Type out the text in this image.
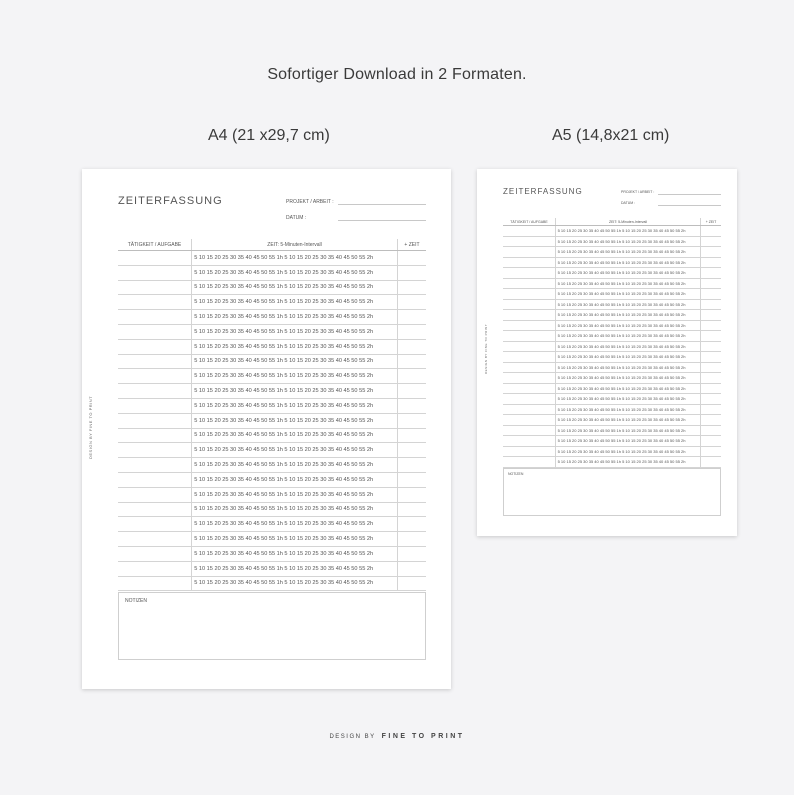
Sofortiger Download in 2 Formaten.
A4 (21 x29,7 cm)	A5 (14,8x21 cm)
ZEITERFASSUNG	PROJEKT / ARBEIT :
DATUM :
DESIGN BY FINE TO PRINT
TÄTIGKEIT / AUFGABE	ZEIT: 5-Minuten-Intervall	+ ZEIT
5 10 15 20 25 30 35 40 45 50 55 1h 5 10 15 20 25 30 35 40 45 50 55 2h
5 10 15 20 25 30 35 40 45 50 55 1h 5 10 15 20 25 30 35 40 45 50 55 2h
5 10 15 20 25 30 35 40 45 50 55 1h 5 10 15 20 25 30 35 40 45 50 55 2h
5 10 15 20 25 30 35 40 45 50 55 1h 5 10 15 20 25 30 35 40 45 50 55 2h
5 10 15 20 25 30 35 40 45 50 55 1h 5 10 15 20 25 30 35 40 45 50 55 2h
5 10 15 20 25 30 35 40 45 50 55 1h 5 10 15 20 25 30 35 40 45 50 55 2h
5 10 15 20 25 30 35 40 45 50 55 1h 5 10 15 20 25 30 35 40 45 50 55 2h
5 10 15 20 25 30 35 40 45 50 55 1h 5 10 15 20 25 30 35 40 45 50 55 2h
5 10 15 20 25 30 35 40 45 50 55 1h 5 10 15 20 25 30 35 40 45 50 55 2h
5 10 15 20 25 30 35 40 45 50 55 1h 5 10 15 20 25 30 35 40 45 50 55 2h
5 10 15 20 25 30 35 40 45 50 55 1h 5 10 15 20 25 30 35 40 45 50 55 2h
5 10 15 20 25 30 35 40 45 50 55 1h 5 10 15 20 25 30 35 40 45 50 55 2h
5 10 15 20 25 30 35 40 45 50 55 1h 5 10 15 20 25 30 35 40 45 50 55 2h
5 10 15 20 25 30 35 40 45 50 55 1h 5 10 15 20 25 30 35 40 45 50 55 2h
5 10 15 20 25 30 35 40 45 50 55 1h 5 10 15 20 25 30 35 40 45 50 55 2h
5 10 15 20 25 30 35 40 45 50 55 1h 5 10 15 20 25 30 35 40 45 50 55 2h
5 10 15 20 25 30 35 40 45 50 55 1h 5 10 15 20 25 30 35 40 45 50 55 2h
5 10 15 20 25 30 35 40 45 50 55 1h 5 10 15 20 25 30 35 40 45 50 55 2h
5 10 15 20 25 30 35 40 45 50 55 1h 5 10 15 20 25 30 35 40 45 50 55 2h
5 10 15 20 25 30 35 40 45 50 55 1h 5 10 15 20 25 30 35 40 45 50 55 2h
5 10 15 20 25 30 35 40 45 50 55 1h 5 10 15 20 25 30 35 40 45 50 55 2h
5 10 15 20 25 30 35 40 45 50 55 1h 5 10 15 20 25 30 35 40 45 50 55 2h
5 10 15 20 25 30 35 40 45 50 55 1h 5 10 15 20 25 30 35 40 45 50 55 2h
NOTIZEN
ZEITERFASSUNG	PROJEKT / ARBEIT :
DATUM :
DESIGN BY FINE TO PRINT
TÄTIGKEIT / AUFGABE	ZEIT: 5-Minuten-Intervall	+ ZEIT
5 10 15 20 25 30 35 40 45 50 55 1h 5 10 15 20 25 30 35 40 45 50 55 2h
5 10 15 20 25 30 35 40 45 50 55 1h 5 10 15 20 25 30 35 40 45 50 55 2h
5 10 15 20 25 30 35 40 45 50 55 1h 5 10 15 20 25 30 35 40 45 50 55 2h
5 10 15 20 25 30 35 40 45 50 55 1h 5 10 15 20 25 30 35 40 45 50 55 2h
5 10 15 20 25 30 35 40 45 50 55 1h 5 10 15 20 25 30 35 40 45 50 55 2h
5 10 15 20 25 30 35 40 45 50 55 1h 5 10 15 20 25 30 35 40 45 50 55 2h
5 10 15 20 25 30 35 40 45 50 55 1h 5 10 15 20 25 30 35 40 45 50 55 2h
5 10 15 20 25 30 35 40 45 50 55 1h 5 10 15 20 25 30 35 40 45 50 55 2h
5 10 15 20 25 30 35 40 45 50 55 1h 5 10 15 20 25 30 35 40 45 50 55 2h
5 10 15 20 25 30 35 40 45 50 55 1h 5 10 15 20 25 30 35 40 45 50 55 2h
5 10 15 20 25 30 35 40 45 50 55 1h 5 10 15 20 25 30 35 40 45 50 55 2h
5 10 15 20 25 30 35 40 45 50 55 1h 5 10 15 20 25 30 35 40 45 50 55 2h
5 10 15 20 25 30 35 40 45 50 55 1h 5 10 15 20 25 30 35 40 45 50 55 2h
5 10 15 20 25 30 35 40 45 50 55 1h 5 10 15 20 25 30 35 40 45 50 55 2h
5 10 15 20 25 30 35 40 45 50 55 1h 5 10 15 20 25 30 35 40 45 50 55 2h
5 10 15 20 25 30 35 40 45 50 55 1h 5 10 15 20 25 30 35 40 45 50 55 2h
5 10 15 20 25 30 35 40 45 50 55 1h 5 10 15 20 25 30 35 40 45 50 55 2h
5 10 15 20 25 30 35 40 45 50 55 1h 5 10 15 20 25 30 35 40 45 50 55 2h
5 10 15 20 25 30 35 40 45 50 55 1h 5 10 15 20 25 30 35 40 45 50 55 2h
5 10 15 20 25 30 35 40 45 50 55 1h 5 10 15 20 25 30 35 40 45 50 55 2h
5 10 15 20 25 30 35 40 45 50 55 1h 5 10 15 20 25 30 35 40 45 50 55 2h
5 10 15 20 25 30 35 40 45 50 55 1h 5 10 15 20 25 30 35 40 45 50 55 2h
5 10 15 20 25 30 35 40 45 50 55 1h 5 10 15 20 25 30 35 40 45 50 55 2h
NOTIZEN
DESIGN BY FINE TO PRINT
